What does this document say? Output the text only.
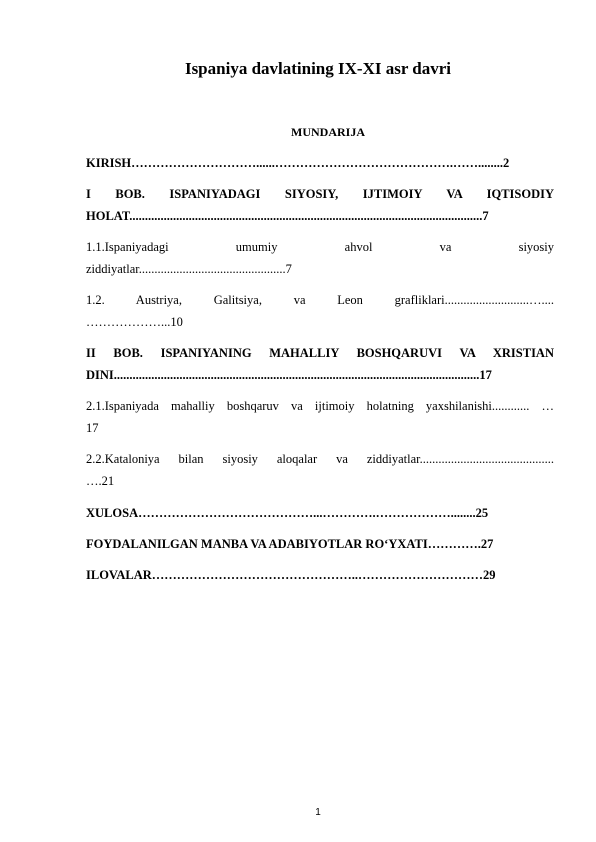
Ispaniya davlatining IX-XI asr davri
MUNDARIJA
KIRISH…………………………......…………………………………….……........2
I BOB. ISPANIYADAGI SIYOSIY, IJTIMOIY VA IQTISODIY
HOLAT.................................................................................................................7
1.1.Ispaniyadagi umumiy ahvol va siyosiy
ziddiyatlar...............................................7
1.2. Austriya, Galitsiya, va Leon grafliklari...........................…....
………………...10
II BOB. ISPANIYANING MAHALLIY BOSHQARUVI VA XRISTIAN
DINI.....................................................................................................................17
2.1.Ispaniyada mahalliy boshqaruv va ijtimoiy holatning yaxshilanishi............ …
17
2.2.Kataloniya bilan siyosiy aloqalar va ziddiyatlar...........................................
….21
XULOSA……………………………………...………….………………........25
FOYDALANILGAN MANBA VA ADABIYOTLAR RO‘YXATI………….27
ILOVALAR…………………………………………..…………………………29
1
